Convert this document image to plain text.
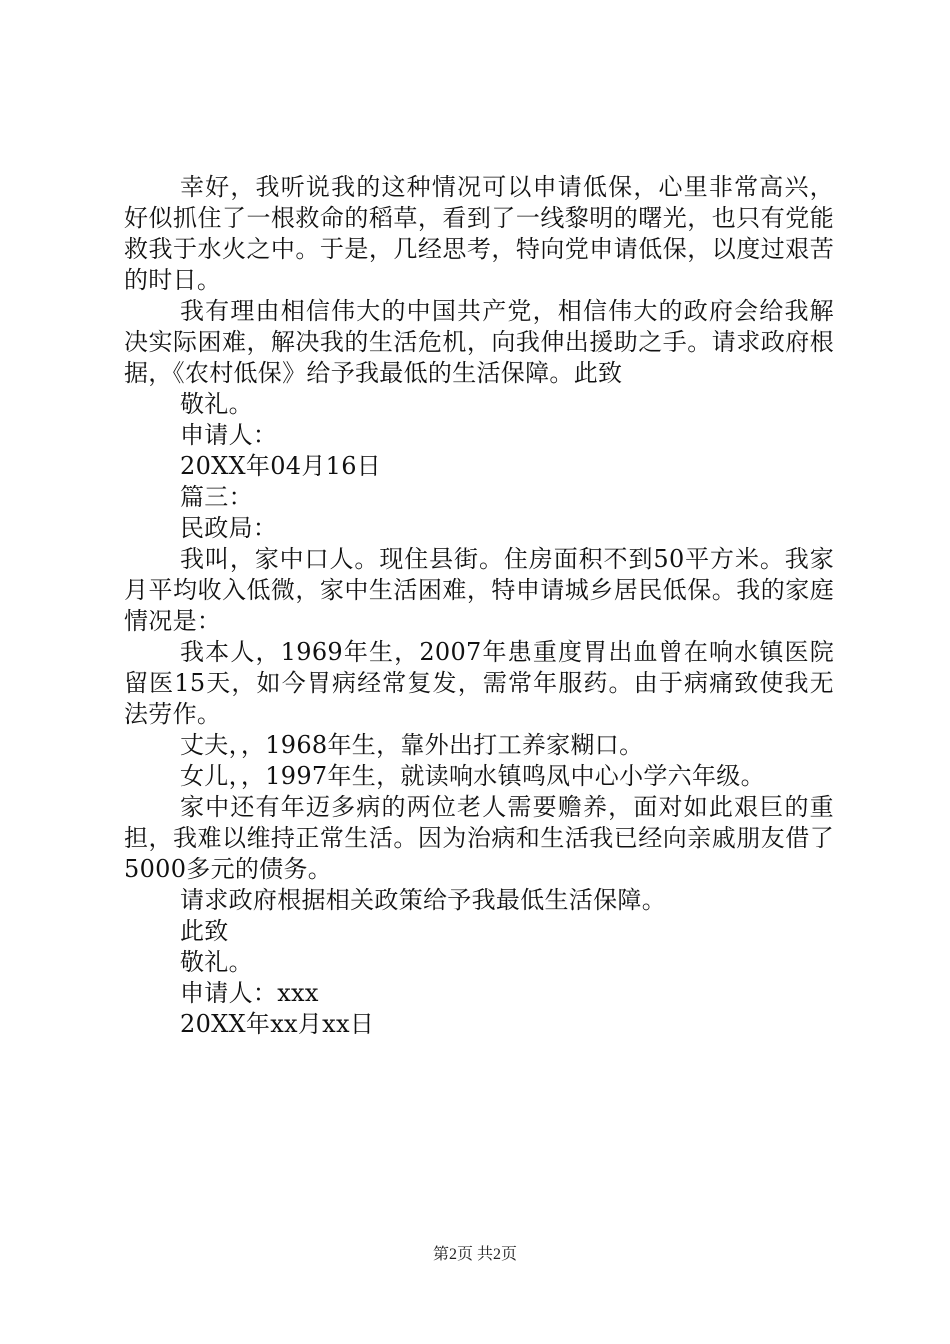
幸好，我听说我的这种情况可以申请低保，心里非常高兴，好似抓住了一根救命的稻草，看到了一线黎明的曙光，也只有党能救我于水火之中。于是，几经思考，特向党申请低保，以度过艰苦的时日。

我有理由相信伟大的中国共产党，相信伟大的政府会给我解决实际困难，解决我的生活危机，向我伸出援助之手。请求政府根据，《农村低保》给予我最低的生活保障。此致

敬礼。

申请人：

20XX年04月16日

篇三：

民政局：

我叫，家中口人。现住县街。住房面积不到50平方米。我家月平均收入低微，家中生活困难，特申请城乡居民低保。我的家庭情况是：

我本人，1969年生，2007年患重度胃出血曾在响水镇医院留医15天，如今胃病经常复发，需常年服药。由于病痛致使我无法劳作。

丈夫，，1968年生，靠外出打工养家糊口。

女儿，，1997年生，就读响水镇鸣凤中心小学六年级。

家中还有年迈多病的两位老人需要赡养，面对如此艰巨的重担，我难以维持正常生活。因为治病和生活我已经向亲戚朋友借了5000多元的债务。

请求政府根据相关政策给予我最低生活保障。

此致

敬礼。

申请人：xxx

20XX年xx月xx日

第2页 共2页
